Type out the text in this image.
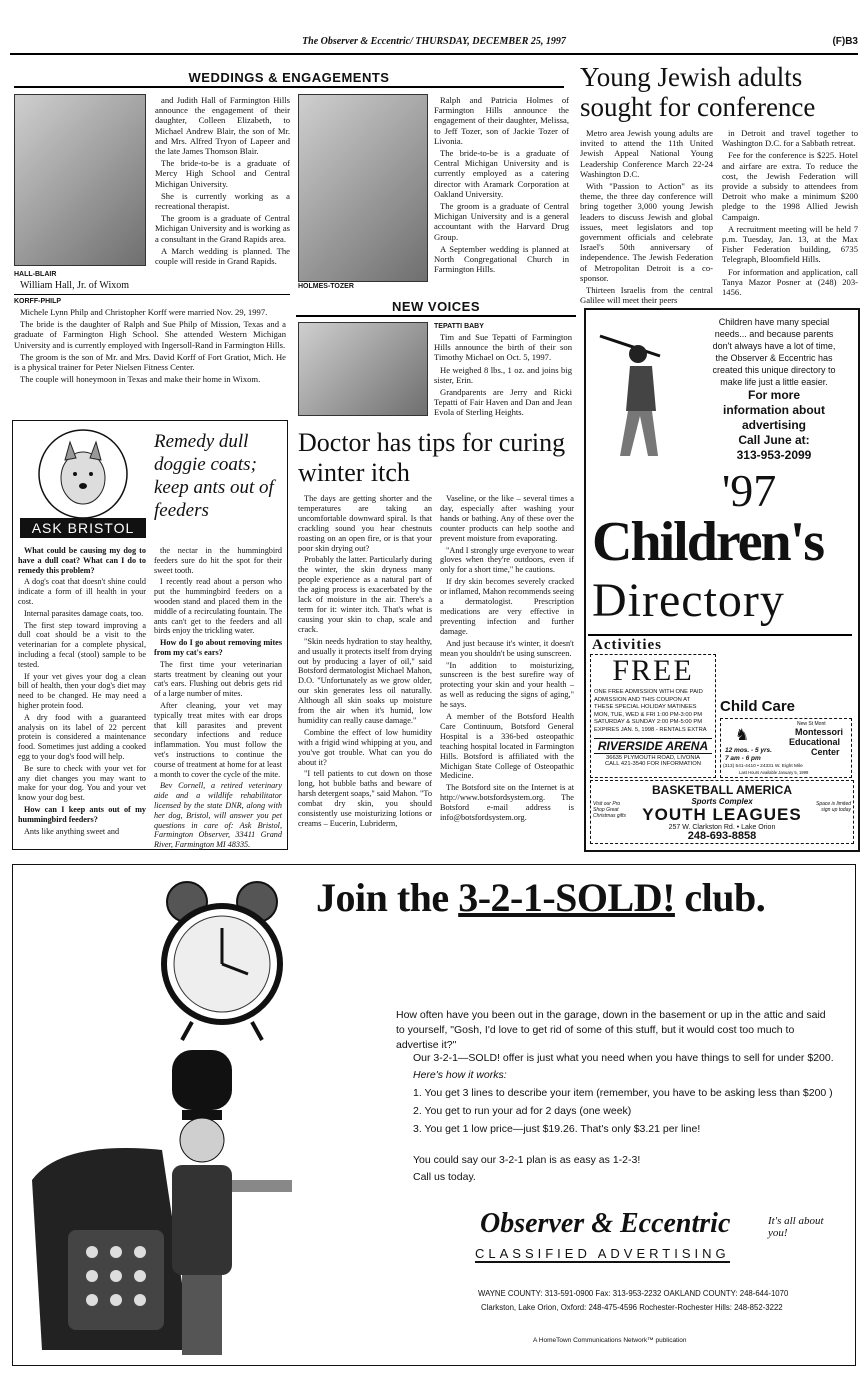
The Observer & Eccentric/ THURSDAY, DECEMBER 25, 1997	(F)B3
WEDDINGS & ENGAGEMENTS
HALL-BLAIR
William Hall, Jr. of Wixom

and Judith Hall of Farmington Hills announce the engagement of their daughter, Colleen Elizabeth, to Michael Andrew Blair, the son of Mr. and Mrs. Alfred Tryon of Lapeer and the late James Thomson Blair.

The bride-to-be is a graduate of Mercy High School and Central Michigan University.

She is currently working as a recreational therapist.

The groom is a graduate of Central Michigan University and is working as a consultant in the Grand Rapids area.

A March wedding is planned. The couple will reside in Grand Rapids.

HOLMES-TOZER

Ralph and Patricia Holmes of Farmington Hills announce the engagement of their daughter, Melissa, to Jeff Tozer, son of Jackie Tozer of Livonia.

The bride-to-be is a graduate of Central Michigan University and is currently employed as a catering director with Aramark Corporation at Oakland University.

The groom is a graduate of Central Michigan University and is a general accountant with the Harvard Drug Group.

A September wedding is planned at North Congregational Church in Farmington Hills.

KORFF-PHILP

Michele Lynn Philp and Christopher Korff were married Nov. 29, 1997.

The bride is the daughter of Ralph and Sue Philp of Mission, Texas and a graduate of Farmington High School. She attended Western Michigan University and is currently employed with Ingersoll-Rand in Farmington Hills.

The groom is the son of Mr. and Mrs. David Korff of Fort Gratiot, Mich. He is a physical trainer for Peter Nielsen Fitness Center.

The couple will honeymoon in Texas and make their home in Wixom.

Young Jewish adults sought for conference

Metro area Jewish young adults are invited to attend the 11th United Jewish Appeal National Young Leadership Conference March 22-24 Washington D.C.

With "Passion to Action" as its theme, the three day conference will bring together 3,000 young Jewish leaders to discuss Jewish and global issues, meet legislators and top government officials and celebrate Israel's 50th anniversary of independence. The Jewish Federation of Metropolitan Detroit is a co-sponsor.

Thirteen Israelis from the central Galilee will meet their peers

in Detroit and travel together to Washington D.C. for a Sabbath retreat.

Fee for the conference is $225. Hotel and airfare are extra. To reduce the cost, the Jewish Federation will provide a subsidy to attendees from Detroit who make a minimum $200 pledge to the 1998 Allied Jewish Campaign.

A recruitment meeting will be held 7 p.m. Tuesday, Jan. 13, at the Max Fisher Federation building, 6735 Telegraph, Bloomfield Hills.

For information and application, call Tanya Mazor Posner at (248) 203-1456.

NEW VOICES
TEPATTI BABY

Tim and Sue Tepatti of Farmington Hills announce the birth of their son Timothy Michael on Oct. 5, 1997.

He weighed 8 lbs., 1 oz. and joins big sister, Erin.

Grandparents are Jerry and Ricki Tepatti of Fair Haven and Dan and Jean Evola of Sterling Heights.

ASK BRISTOL
Remedy dull doggie coats; keep ants out of feeders

What could be causing my dog to have a dull coat? What can I do to remedy this problem?

A dog's coat that doesn't shine could indicate a form of ill health in your cost.

Internal parasites damage coats, too.

The first step toward improving a dull coat should be a visit to the veterinarian for a complete physical, including a fecal (stool) sample to be tested.

If your vet gives your dog a clean bill of health, then your dog's diet may need to be changed. He may need a higher protein food.

A dry food with a guaranteed analysis on its label of 22 percent protein is considered a maintenance food. Sometimes just adding a cooked egg to your dog's food will help.

Be sure to check with your vet for any diet changes you may want to make for your dog. You and your vet know your dog best.

How can I keep ants out of my hummingbird feeders?

Ants like anything sweet and

the nectar in the hummingbird feeders sure do hit the spot for their sweet tooth.

I recently read about a person who put the hummingbird feeders on a wooden stand and placed them in the middle of a recirculating fountain. The ants can't get to the feeders and all birds enjoy the trickling water.

How do I go about removing mites from my cat's ears?

The first time your veterinarian starts treatment by cleaning out your cat's ears. Flushing out debris gets rid of a large number of mites.

After cleaning, your vet may typically treat mites with ear drops that kill parasites and prevent secondary infections and reduce inflammation. You must follow the vet's instructions to continue the course of treatment at home for at least a month to cover the cycle of the mite.

Bev Cornell, a retired veterinary aide and a wildlife rehabilitator licensed by the state DNR, along with her dog, Bristol, will answer you pet questions in care of: Ask Bristol, Farmington Observer, 33411 Grand River, Farmington MI 48335.

Doctor has tips for curing winter itch

The days are getting shorter and the temperatures are taking an uncomfortable downward spiral. Is that crackling sound you hear chestnuts roasting on an open fire, or is that your poor skin drying out?

Probably the latter. Particularly during the winter, the skin dryness many people experience as a natural part of the aging process is exacerbated by the lack of moisture in the air. There's a term for it: winter itch. That's what is causing your skin to chap, scale and crack.

"Skin needs hydration to stay healthy, and usually it protects itself from drying out by producing a layer of oil," said Botsford dermatologist Michael Mahon, D.O. "Unfortunately as we grow older, our skin generates less oil naturally. Although all skin soaks up moisture from the air when it's humid, low humidity can really cause damage."

Combine the effect of low humidity with a frigid wind whipping at you, and you've got trouble. What can you do about it?

"I tell patients to cut down on those long, hot bubble baths and beware of harsh detergent soaps," said Mahon. "To combat dry skin, you should consistently use moisturizing lotions or creams – Eucerin, Lubriderm,

Vaseline, or the like – several times a day, especially after washing your hands or bathing. Any of these over the counter products can help soothe and prevent moisture from evaporating.

"And I strongly urge everyone to wear gloves when they're outdoors, even if only for a short time," he cautions.

If dry skin becomes severely cracked or inflamed, Mahon recommends seeing a dermatologist. Prescription medications are very effective in preventing infection and further damage.

And just because it's winter, it doesn't mean you shouldn't be using sunscreen.

"In addition to moisturizing, sunscreen is the best surefire way of protecting your skin and your health – as well as reducing the signs of aging," he says.

A member of the Botsford Health Care Continuum, Botsford General Hospital is a 336-bed osteopathic teaching hospital located in Farmington Hills. Botsford is affiliated with the Michigan State College of Osteopathic Medicine.

The Botsford site on the Internet is at http://www.botsfordsystem.org. The Botsford e-mail address is info@botsfordsystem.org.

Children have many special
needs... and because parents
don't always have a lot of time,
the Observer & Eccentric has
created this unique directory to
make life just a little easier.
For more
information about
advertising
Call June at:
313-953-2099
'97
Children's
Directory
Activities
FREE
ONE FREE ADMISSION WITH ONE PAID
ADMISSION AND THIS COUPON AT
THESE SPECIAL HOLIDAY MATINEES
MON, TUE, WED & FRI 1:00 PM-3:00 PM
SATURDAY & SUNDAY 2:00 PM-5:00 PM
EXPIRES JAN. 5, 1998 - RENTALS EXTRA
RIVERSIDE ARENA
36635 PLYMOUTH ROAD, LIVONIA
CALL 421-3540 FOR INFORMATION
Child Care
♞
New St Mont
Montessori
Educational
Center
12 mos. - 5 yrs.
7 am - 6 pm
(313) 541-4410 • 24331 W. Eight Mile
Last Hours Available January 5, 1998
Visit our Pro Shop Great Christmas gifts
Space is limited sign up today
BASKETBALL AMERICA
Sports Complex
YOUTH LEAGUES
257 W. Clarkston Rd. • Lake Orion
248-693-8858
Join the 3-2-1-SOLD! club.
How often have you been out in the garage, down in the basement or up in the attic and said to yourself, "Gosh, I'd love to get rid of some of this stuff, but it would cost too much to advertise it?"
Our 3-2-1—SOLD! offer is just what you need when you have things to sell for under $200.
Here's how it works:
1. You get 3 lines to describe your item (remember, you have to be asking less than $200 )
2. You get to run your ad for 2 days (one week)
3. You get 1 low price—just $19.26. That's only $3.21 per line!
You could say our 3-2-1 plan is as easy as 1-2-3!
Call us today.
Observer & Eccentric	It's all about you!
CLASSIFIED ADVERTISING
WAYNE COUNTY: 313-591-0900 Fax: 313-953-2232 OAKLAND COUNTY: 248-644-1070
Clarkston, Lake Orion, Oxford: 248-475-4596 Rochester-Rochester Hills: 248-852-3222
A HomeTown Communications Network™ publication
